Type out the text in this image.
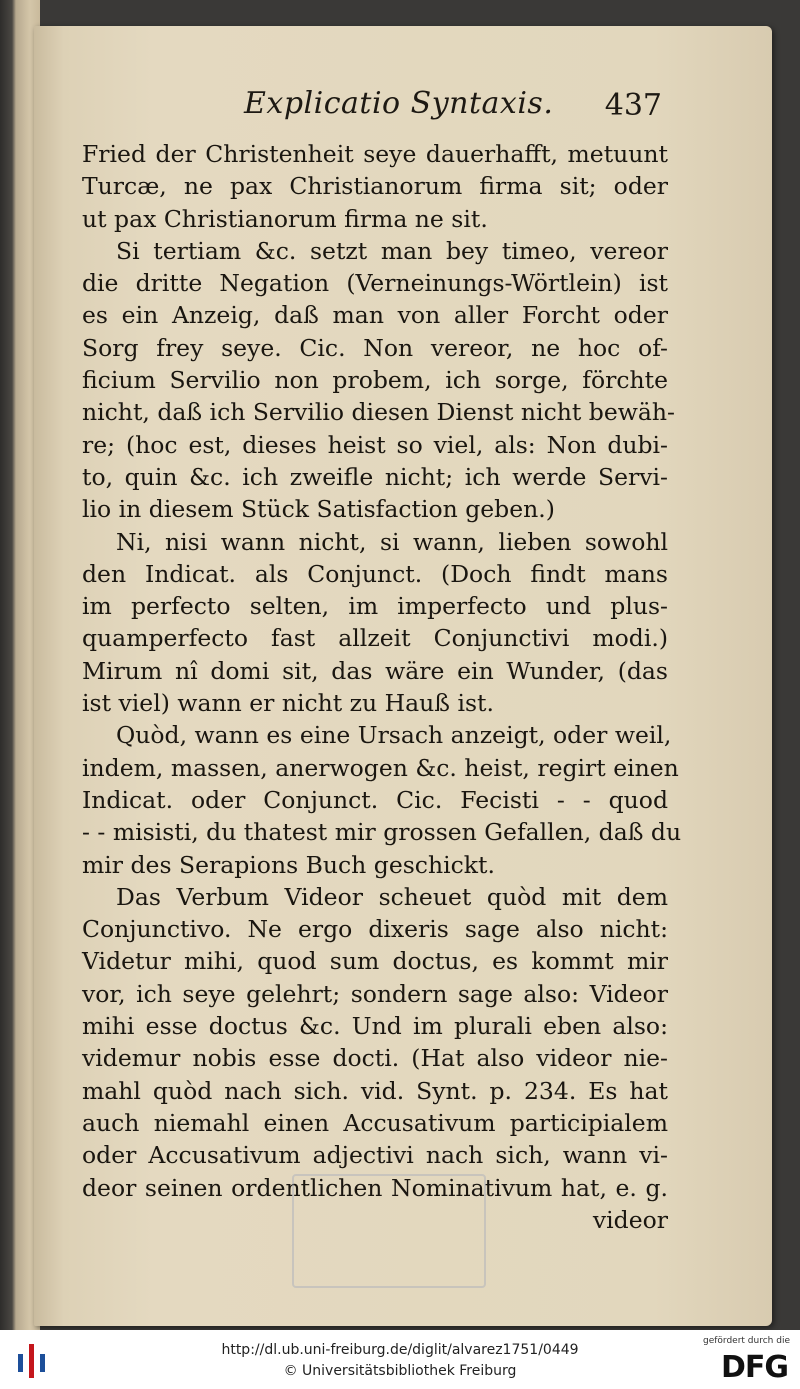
Explicatio Syntaxis. 437
Fried der Christenheit seye dauerhafft, metuunt
Turcæ, ne pax Christianorum firma sit; oder
ut pax Christianorum firma ne sit.
Si tertiam &c. setzt man bey timeo, vereor
die dritte Negation (Verneinungs-Wörtlein) ist
es ein Anzeig, daß man von aller Forcht oder
Sorg frey seye. Cic. Non vereor, ne hoc of-
ficium Servilio non probem, ich sorge, förchte
nicht, daß ich Servilio diesen Dienst nicht bewäh-
re; (hoc est, dieses heist so viel, als: Non dubi-
to, quin &c. ich zweifle nicht; ich werde Servi-
lio in diesem Stück Satisfaction geben.)
Ni, nisi wann nicht, si wann, lieben sowohl
den Indicat. als Conjunct. (Doch findt mans
im perfecto selten, im imperfecto und plus-
quamperfecto fast allzeit Conjunctivi modi.)
Mirum nî domi sit, das wäre ein Wunder, (das
ist viel) wann er nicht zu Hauß ist.
Quòd, wann es eine Ursach anzeigt, oder weil,
indem, massen, anerwogen &c. heist, regirt einen
Indicat. oder Conjunct. Cic. Fecisti - - quod
- - misisti, du thatest mir grossen Gefallen, daß du
mir des Serapions Buch geschickt.
Das Verbum Videor scheuet quòd mit dem
Conjunctivo. Ne ergo dixeris sage also nicht:
Videtur mihi, quod sum doctus, es kommt mir
vor, ich seye gelehrt; sondern sage also: Videor
mihi esse doctus &c. Und im plurali eben also:
videmur nobis esse docti. (Hat also videor nie-
mahl quòd nach sich. vid. Synt. p. 234. Es hat
auch niemahl einen Accusativum participialem
oder Accusativum adjectivi nach sich, wann vi-
deor seinen ordentlichen Nominativum hat, e. g.
videor
http://dl.ub.uni-freiburg.de/diglit/alvarez1751/0449
© Universitätsbibliothek Freiburg
gefördert durch die
DFG
